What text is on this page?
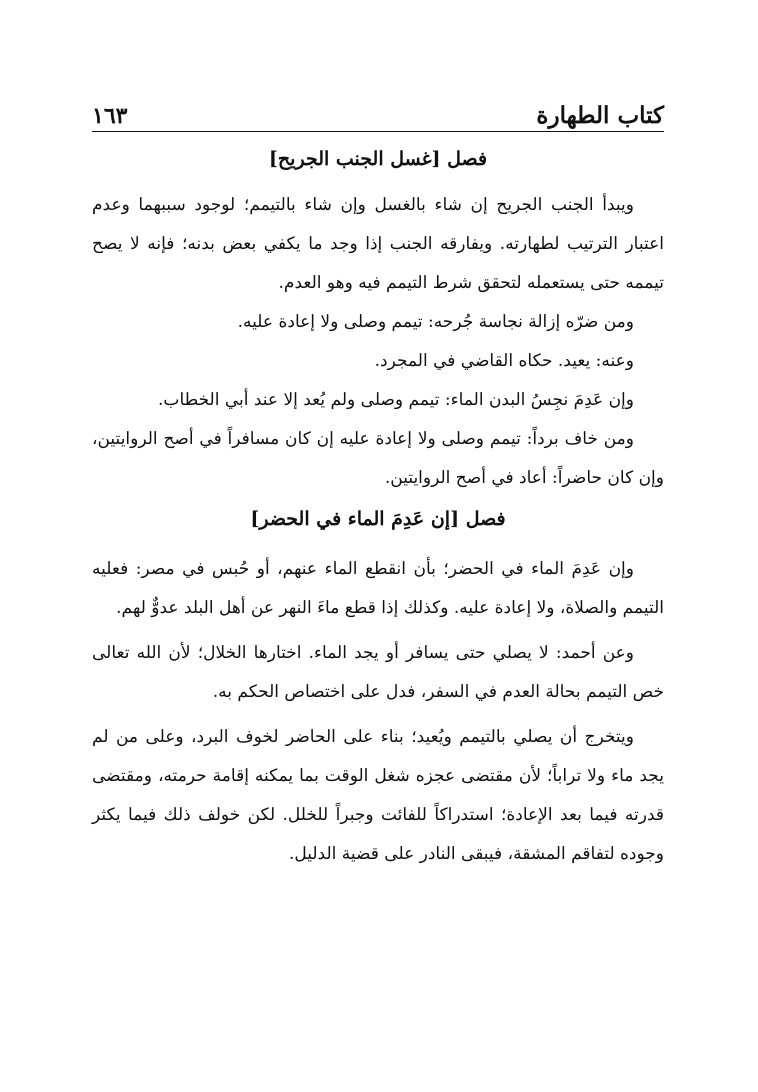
كتاب الطهارة
١٦٣
فصل [غسل الجنب الجريح]

ويبدأ الجنب الجريح إن شاء بالغسل وإن شاء بالتيمم؛ لوجود سببهما وعدم اعتبار الترتيب لطهارته. ويفارقه الجنب إذا وجد ما يكفي بعض بدنه؛ فإنه لا يصح تيممه حتى يستعمله لتحقق شرط التيمم فيه وهو العدم.

ومن ضرّه إزالة نجاسة جُرحه: تيمم وصلى ولا إعادة عليه.

وعنه: يعيد. حكاه القاضي في المجرد.

وإن عَدِمَ نجِسُ البدن الماء: تيمم وصلى ولم يُعد إلا عند أبي الخطاب.

ومن خاف برداً: تيمم وصلى ولا إعادة عليه إن كان مسافراً في أصح الروايتين، وإن كان حاضراً: أعاد في أصح الروايتين.

فصل [إن عَدِمَ الماء في الحضر]

وإن عَدِمَ الماء في الحضر؛ بأن انقطع الماء عنهم، أو حُبس في مصر: فعليه التيمم والصلاة، ولا إعادة عليه. وكذلك إذا قطع ماءَ النهر عن أهل البلد عدوٌّ لهم.

وعن أحمد: لا يصلي حتى يسافر أو يجد الماء. اختارها الخلال؛ لأن الله تعالى خص التيمم بحالة العدم في السفر، فدل على اختصاص الحكم به.

ويتخرج أن يصلي بالتيمم ويُعيد؛ بناء على الحاضر لخوف البرد، وعلى من لم يجد ماء ولا تراباً؛ لأن مقتضى عجزه شغل الوقت بما يمكنه إقامة حرمته، ومقتضى قدرته فيما بعد الإعادة؛ استدراكاً للفائت وجبراً للخلل. لكن خولف ذلك فيما يكثر وجوده لتفاقم المشقة، فيبقى النادر على قضية الدليل.
